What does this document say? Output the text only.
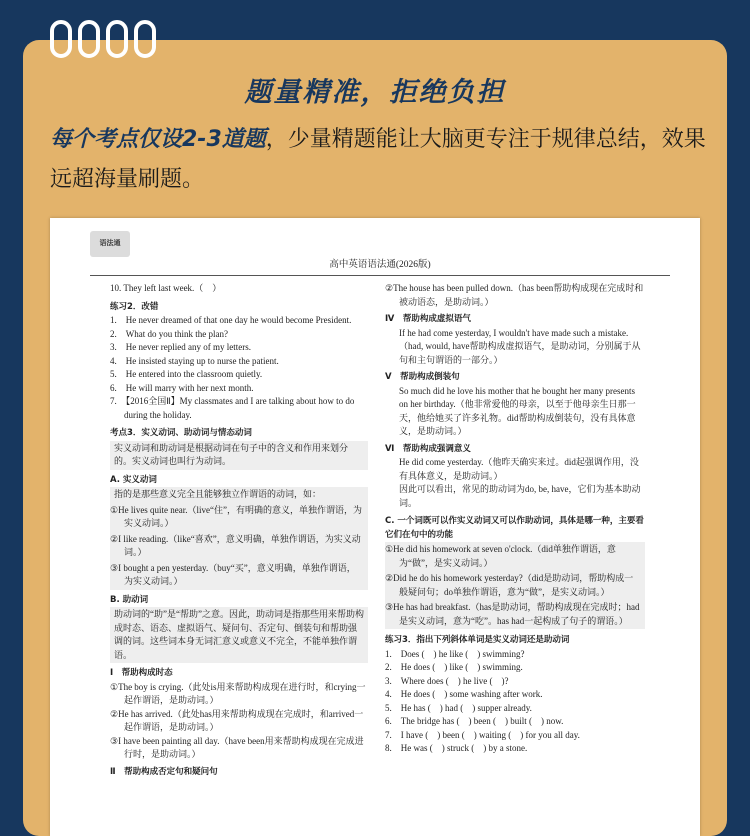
题量精准，拒绝负担
每个考点仅设2-3道题，少量精题能让大脑更专注于规律总结，效果远超海量刷题。
语法通
高中英语语法通(2026版)

10. They left last week.（　）

练习2．改错

1.　He never dreamed of that one day he would become President.

2.　What do you think the plan?

3.　He never replied any of my letters.

4.　He insisted staying up to nurse the patient.

5.　He entered into the classroom quietly.

6.　He will marry with her next month.

7.　【2016全国Ⅱ】My classmates and I are talking about how to do during the holiday.

考点3．实义动词、助动词与情态动词

实义动词和助动词是根据动词在句子中的含义和作用来划分的。实义动词也叫行为动词。

A. 实义动词

指的是那些意义完全且能够独立作谓语的动词，如：

①He lives quite near.（live“住”，有明确的意义，单独作谓语，为实义动词。）

②I like reading.（like“喜欢”，意义明确，单独作谓语，为实义动词。）

③I bought a pen yesterday.（buy“买”，意义明确，单独作谓语，为实义动词。）

B. 助动词

助动词的“助”是“帮助”之意。因此，助动词是指那些用来帮助构成时态、语态、虚拟语气、疑问句、否定句、倒装句和帮助强调的词。这些词本身无词汇意义或意义不完全，不能单独作谓语。

Ⅰ　帮助构成时态

①The boy is crying.（此处is用来帮助构成现在进行时，和crying一起作谓语，是助动词。）

②He has arrived.（此处has用来帮助构成现在完成时，和arrived一起作谓语，是助动词。）

③I have been painting all day.（have been用来帮助构成现在完成进行时，是助动词。）

Ⅱ　帮助构成否定句和疑问句

②The house has been pulled down.（has been帮助构成现在完成时和被动语态，是助动词。）

Ⅳ　帮助构成虚拟语气

If he had come yesterday, I wouldn't have made such a mistake.（had, would, have帮助构成虚拟语气，是助动词，分别属于从句和主句谓语的一部分。）

Ⅴ　帮助构成倒装句

So much did he love his mother that he bought her many presents on her birthday.（他非常爱他的母亲，以至于他母亲生日那一天，他给她买了许多礼物。did帮助构成倒装句，没有具体意义，是助动词。）

Ⅵ　帮助构成强调意义

He did come yesterday.（他昨天确实来过。did起强调作用，没有具体意义，是助动词。）

因此可以看出，常见的助动词为do, be, have，它们为基本助动词。

C. 一个词既可以作实义动词又可以作助动词，具体是哪一种，主要看它们在句中的功能

①He did his homework at seven o'clock.（did单独作谓语，意为“做”，是实义动词。）

②Did he do his homework yesterday?（did是助动词，帮助构成一般疑问句；do单独作谓语，意为“做”，是实义动词。）

③He has had breakfast.（has是助动词，帮助构成现在完成时；had是实义动词，意为“吃”。has had一起构成了句子的谓语。）

练习3．指出下列斜体单词是实义动词还是助动词

1.　Does (　) he like (　) swimming?

2.　He does (　) like (　) swimming.

3.　Where does (　) he live (　)?

4.　He does (　) some washing after work.

5.　He has (　) had (　) supper already.

6.　The bridge has (　) been (　) built (　) now.

7.　I have (　) been (　) waiting (　) for you all day.

8.　He was (　) struck (　) by a stone.
